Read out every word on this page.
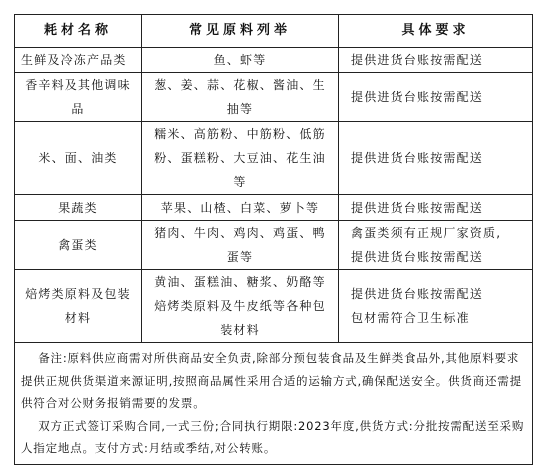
耗材名称	常见原料列举	具体要求
生鲜及冷冻产品类	鱼、虾等	提供进货台账按需配送
香辛料及其他调味品	葱、姜、蒜、花椒、酱油、生抽等	提供进货台账按需配送
米、面、油类	糯米、高筋粉、中筋粉、低筋粉、蛋糕粉、大豆油、花生油等	提供进货台账按需配送
果蔬类	苹果、山楂、白菜、萝卜等	提供进货台账按需配送
禽蛋类	猪肉、牛肉、鸡肉、鸡蛋、鸭蛋等	禽蛋类须有正规厂家资质,
提供进货台账按需配送

焙烤类原料及包装材料	黄油、蛋糕油、糖浆、奶酪等焙烤类原料及牛皮纸等各种包装材料	提供进货台账按需配送
包材需符合卫生标准

备注:原料供应商需对所供商品安全负责,除部分预包装食品及生鲜类食品外,其他原料要求提供正规供货渠道来源证明,按照商品属性采用合适的运输方式,确保配送安全。供货商还需提供符合对公财务报销需要的发票。
双方正式签订采购合同,一式三份;合同执行期限:2023年度,供货方式:分批按需配送至采购人指定地点。支付方式:月结或季结,对公转账。		
